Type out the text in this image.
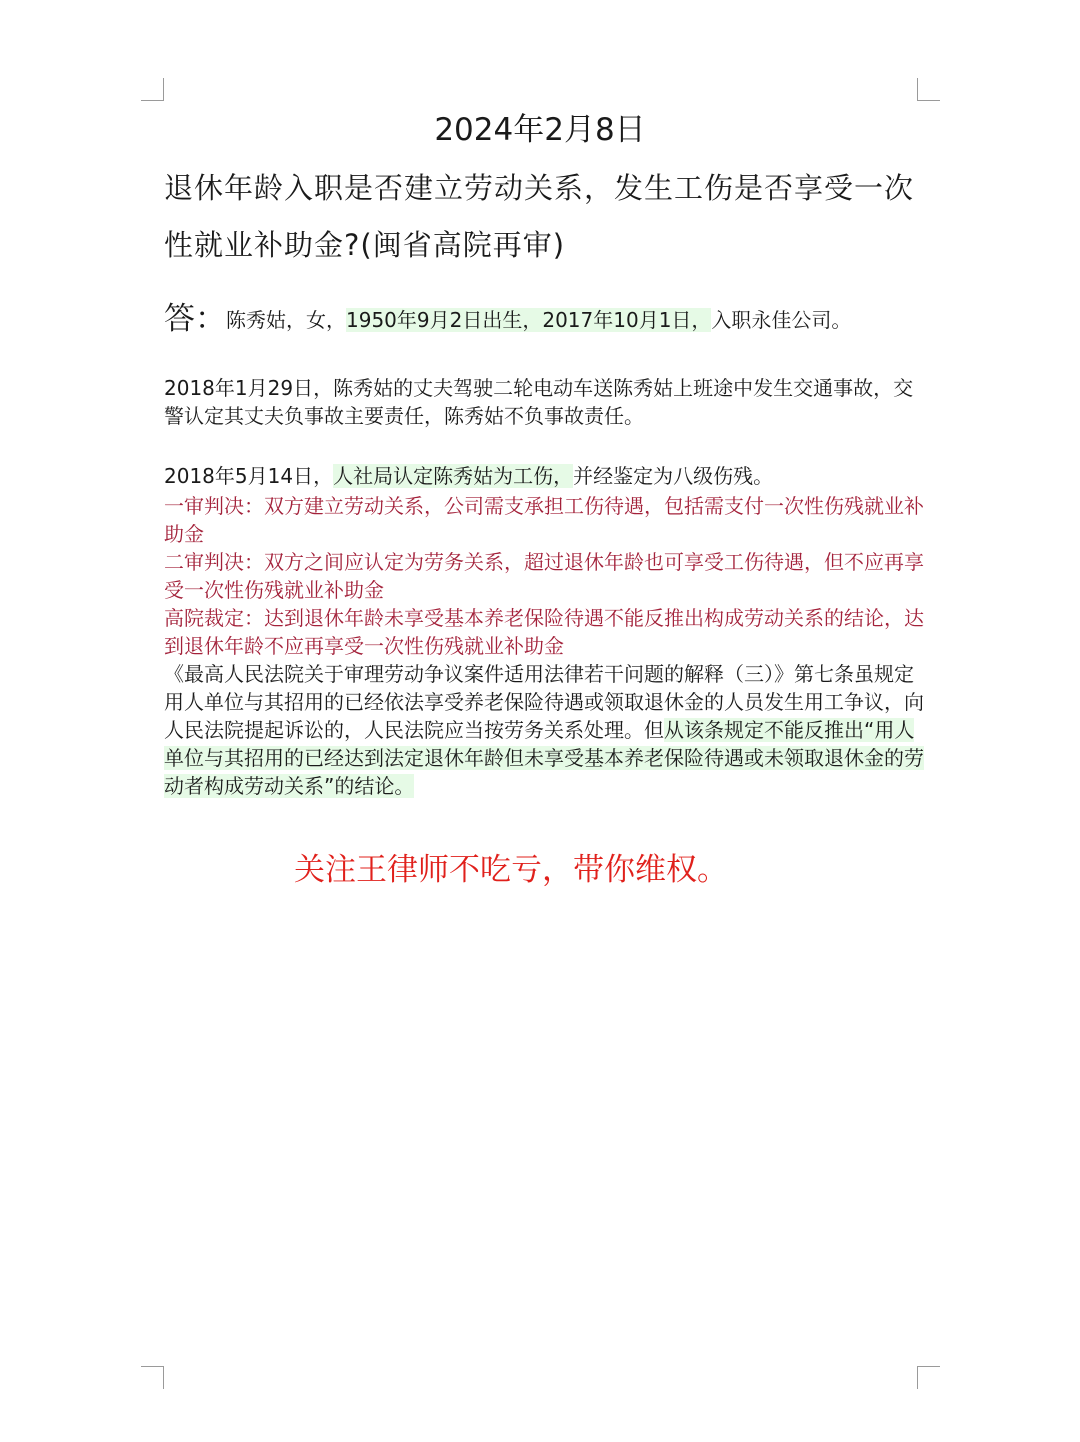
2024年2月8日
退休年龄入职是否建立劳动关系，发生工伤是否享受一次性就业补助金?(闽省高院再审)
答：陈秀姑，女，1950年9月2日出生，2017年10月1日，入职永佳公司。
2018年1月29日，陈秀姑的丈夫驾驶二轮电动车送陈秀姑上班途中发生交通事故，交警认定其丈夫负事故主要责任，陈秀姑不负事故责任。
2018年5月14日，人社局认定陈秀姑为工伤，并经鉴定为八级伤残。
一审判决：双方建立劳动关系，公司需支承担工伤待遇，包括需支付一次性伤残就业补助金
二审判决：双方之间应认定为劳务关系，超过退休年龄也可享受工伤待遇，但不应再享受一次性伤残就业补助金
高院裁定：达到退休年龄未享受基本养老保险待遇不能反推出构成劳动关系的结论，达到退休年龄不应再享受一次性伤残就业补助金
《最高人民法院关于审理劳动争议案件适用法律若干问题的解释（三）》第七条虽规定用人单位与其招用的已经依法享受养老保险待遇或领取退休金的人员发生用工争议，向人民法院提起诉讼的，人民法院应当按劳务关系处理。但从该条规定不能反推出“用人单位与其招用的已经达到法定退休年龄但未享受基本养老保险待遇或未领取退休金的劳动者构成劳动关系”的结论。
关注王律师不吃亏，带你维权。
